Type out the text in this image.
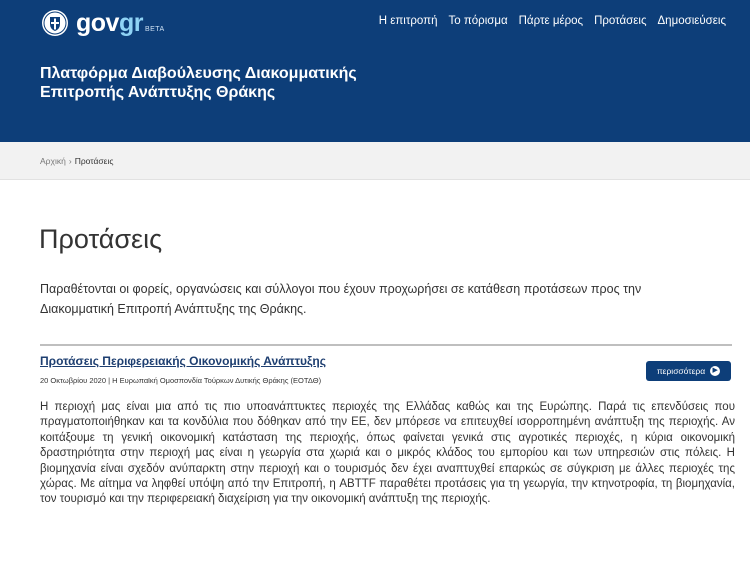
govgr BETA
Η επιτροπή Το πόρισμα Πάρτε μέρος Προτάσεις Δημοσιεύσεις
Πλατφόρμα Διαβούλευσης Διακομματικής
Επιτροπής Ανάπτυξης Θράκης
Αρχική › Προτάσεις
Προτάσεις

Παραθέτονται οι φορείς, οργανώσεις και σύλλογοι που έχουν προχωρήσει σε κατάθεση προτάσεων προς την Διακομματική Επιτροπή Ανάπτυξης της Θράκης.

Προτάσεις Περιφερειακής Οικονομικής Ανάπτυξης
20 Οκτωβρίου 2020 | Η Ευρωπαϊκή Ομοσπονδία Τούρκων Δυτικής Θράκης (ΕΟΤΔΘ)
περισσότερα	▶

Η περιοχή μας είναι μια από τις πιο υποανάπτυκτες περιοχές της Ελλάδας καθώς και της Ευρώπης. Παρά τις επενδύσεις που πραγματοποιήθηκαν και τα κονδύλια που δόθηκαν από την ΕΕ, δεν μπόρεσε να επιτευχθεί ισορροπημένη ανάπτυξη της περιοχής. Αν κοιτάξουμε τη γενική οικονομική κατάσταση της περιοχής, όπως φαίνεται γενικά στις αγροτικές περιοχές, η κύρια οικονομική δραστηριότητα στην περιοχή μας είναι η γεωργία στα χωριά και ο μικρός κλάδος του εμπορίου και των υπηρεσιών στις πόλεις. Η βιομηχανία είναι σχεδόν ανύπαρκτη στην περιοχή και ο τουρισμός δεν έχει αναπτυχθεί επαρκώς σε σύγκριση με άλλες περιοχές της χώρας. Με αίτημα να ληφθεί υπόψη από την Επιτροπή, η ABTTF παραθέτει προτάσεις για τη γεωργία, την κτηνοτροφία, τη βιομηχανία, τον τουρισμό και την περιφερειακή διαχείριση για την οικονομική ανάπτυξη της περιοχής.
